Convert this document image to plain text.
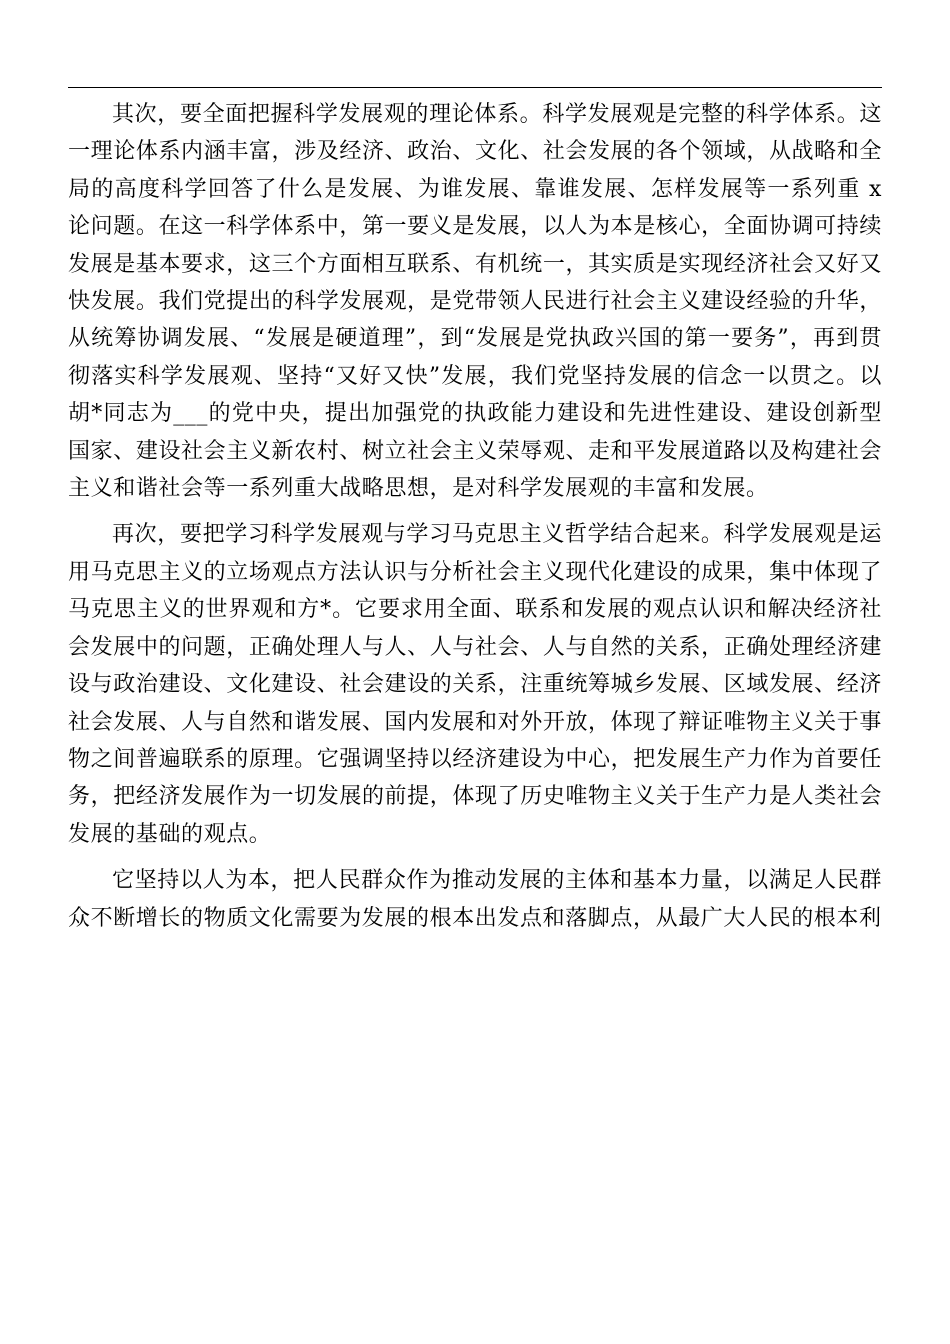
其次，要全面把握科学发展观的理论体系。科学发展观是完整的科学体系。这一理论体系内涵丰富，涉及经济、政治、文化、社会发展的各个领域，从战略和全局的高度科学回答了什么是发展、为谁发展、靠谁发展、怎样发展等一系列重 x 论问题。在这一科学体系中，第一要义是发展，以人为本是核心，全面协调可持续发展是基本要求，这三个方面相互联系、有机统一，其实质是实现经济社会又好又快发展。我们党提出的科学发展观，是党带领人民进行社会主义建设经验的升华，从统筹协调发展、“发展是硬道理”，到“发展是党执政兴国的第一要务”，再到贯彻落实科学发展观、坚持“又好又快”发展，我们党坚持发展的信念一以贯之。以胡*同志为___的党中央，提出加强党的执政能力建设和先进性建设、建设创新型国家、建设社会主义新农村、树立社会主义荣辱观、走和平发展道路以及构建社会主义和谐社会等一系列重大战略思想，是对科学发展观的丰富和发展。

再次，要把学习科学发展观与学习马克思主义哲学结合起来。科学发展观是运用马克思主义的立场观点方法认识与分析社会主义现代化建设的成果，集中体现了马克思主义的世界观和方*。它要求用全面、联系和发展的观点认识和解决经济社会发展中的问题，正确处理人与人、人与社会、人与自然的关系，正确处理经济建设与政治建设、文化建设、社会建设的关系，注重统筹城乡发展、区域发展、经济社会发展、人与自然和谐发展、国内发展和对外开放，体现了辩证唯物主义关于事物之间普遍联系的原理。它强调坚持以经济建设为中心，把发展生产力作为首要任务，把经济发展作为一切发展的前提，体现了历史唯物主义关于生产力是人类社会发展的基础的观点。

它坚持以人为本，把人民群众作为推动发展的主体和基本力量，以满足人民群众不断增长的物质文化需要为发展的根本出发点和落脚点，从最广大人民的根本利
